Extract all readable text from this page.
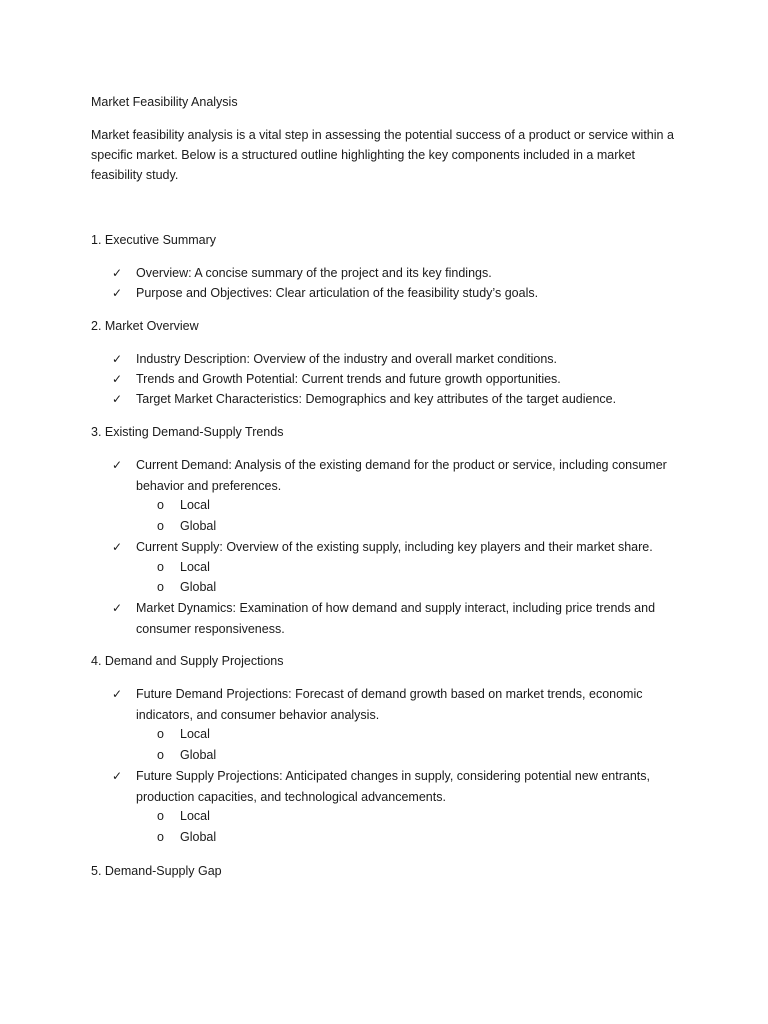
Market Feasibility Analysis

Market feasibility analysis is a vital step in assessing the potential success of a product or service within a specific market. Below is a structured outline highlighting the key components included in a market feasibility study.

1. Executive Summary
✓ Overview: A concise summary of the project and its key findings.
✓ Purpose and Objectives: Clear articulation of the feasibility study’s goals.
2. Market Overview
✓ Industry Description: Overview of the industry and overall market conditions.
✓ Trends and Growth Potential: Current trends and future growth opportunities.
✓ Target Market Characteristics: Demographics and key attributes of the target audience.
3. Existing Demand-Supply Trends
✓ Current Demand: Analysis of the existing demand for the product or service, including consumer behavior and preferences.
o Local
o Global
✓ Current Supply: Overview of the existing supply, including key players and their market share.
o Local
o Global
✓ Market Dynamics: Examination of how demand and supply interact, including price trends and consumer responsiveness.
4. Demand and Supply Projections
✓ Future Demand Projections: Forecast of demand growth based on market trends, economic indicators, and consumer behavior analysis.
o Local
o Global
✓ Future Supply Projections: Anticipated changes in supply, considering potential new entrants, production capacities, and technological advancements.
o Local
o Global
5. Demand-Supply Gap
